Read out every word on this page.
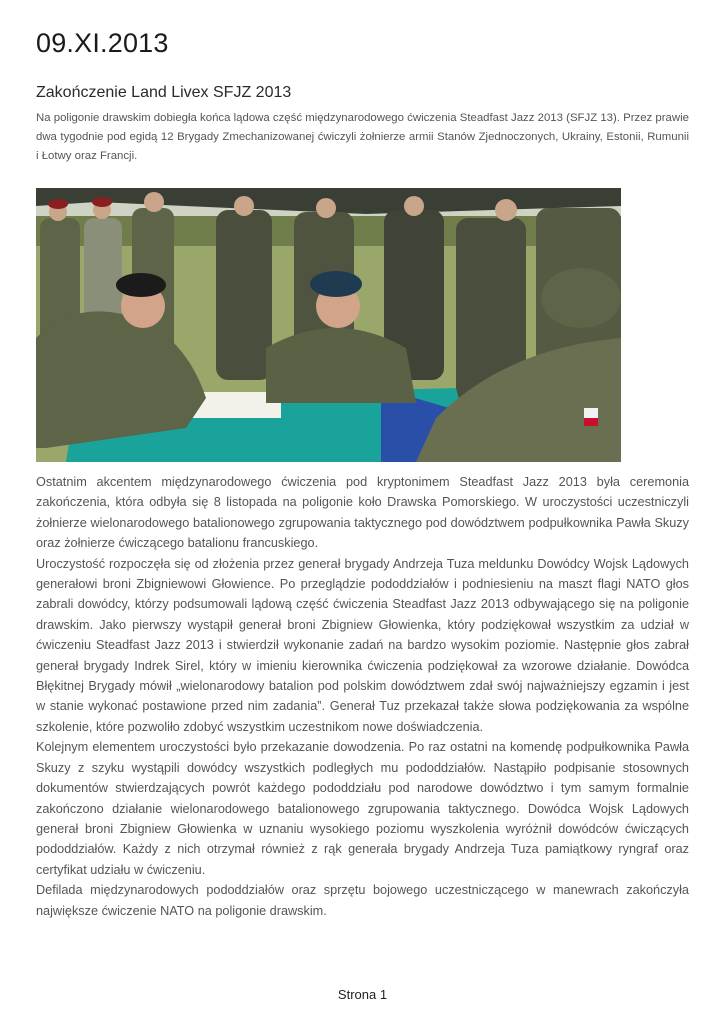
09.XI.2013
Zakończenie Land Livex SFJZ 2013
Na poligonie drawskim dobiegła końca lądowa część międzynarodowego ćwiczenia Steadfast Jazz 2013 (SFJZ 13). Przez prawie dwa tygodnie pod egidą 12 Brygady Zmechanizowanej ćwiczyli żołnierze armii Stanów Zjednoczonych, Ukrainy, Estonii, Rumunii i Łotwy oraz Francji.

Ostatnim akcentem międzynarodowego ćwiczenia pod kryptonimem Steadfast Jazz 2013 była ceremonia zakończenia, która odbyła się 8 listopada na poligonie koło Drawska Pomorskiego. W uroczystości uczestniczyli żołnierze wielonarodowego batalionowego zgrupowania taktycznego pod dowództwem podpułkownika Pawła Skuzy oraz żołnierze ćwiczącego batalionu francuskiego.

Uroczystość rozpoczęła się od złożenia przez generał brygady Andrzeja Tuza meldunku Dowódcy Wojsk Lądowych generałowi broni Zbigniewowi Głowience. Po przeglądzie pododdziałów i podniesieniu na maszt flagi NATO głos zabrali dowódcy, którzy podsumowali lądową część ćwiczenia Steadfast Jazz 2013 odbywającego się na poligonie drawskim. Jako pierwszy wystąpił generał broni Zbigniew Głowienka, który podziękował wszystkim za udział w ćwiczeniu Steadfast Jazz 2013 i stwierdził wykonanie zadań na bardzo wysokim poziomie. Następnie głos zabrał generał brygady Indrek Sirel, który w imieniu kierownika ćwiczenia podziękował za wzorowe działanie. Dowódca Błękitnej Brygady mówił „wielonarodowy batalion pod polskim dowództwem zdał swój najważniejszy egzamin i jest w stanie wykonać postawione przed nim zadania”. Generał Tuz przekazał także słowa podziękowania za wspólne szkolenie, które pozwoliło zdobyć wszystkim uczestnikom nowe doświadczenia.

Kolejnym elementem uroczystości było przekazanie dowodzenia. Po raz ostatni na komendę podpułkownika Pawła Skuzy z szyku wystąpili dowódcy wszystkich podległych mu pododdziałów. Nastąpiło podpisanie stosownych dokumentów stwierdzających powrót każdego pododdziału pod narodowe dowództwo i tym samym formalnie zakończono działanie wielonarodowego batalionowego zgrupowania taktycznego. Dowódca Wojsk Lądowych generał broni Zbigniew Głowienka w uznaniu wysokiego poziomu wyszkolenia wyróżnił dowódców ćwiczących pododdziałów. Każdy z nich otrzymał również z rąk generała brygady Andrzeja Tuza pamiątkowy ryngraf oraz certyfikat udziału w ćwiczeniu.

Defilada międzynarodowych pododdziałów oraz sprzętu bojowego uczestniczącego w manewrach zakończyła największe ćwiczenie NATO na poligonie drawskim.

Strona 1
